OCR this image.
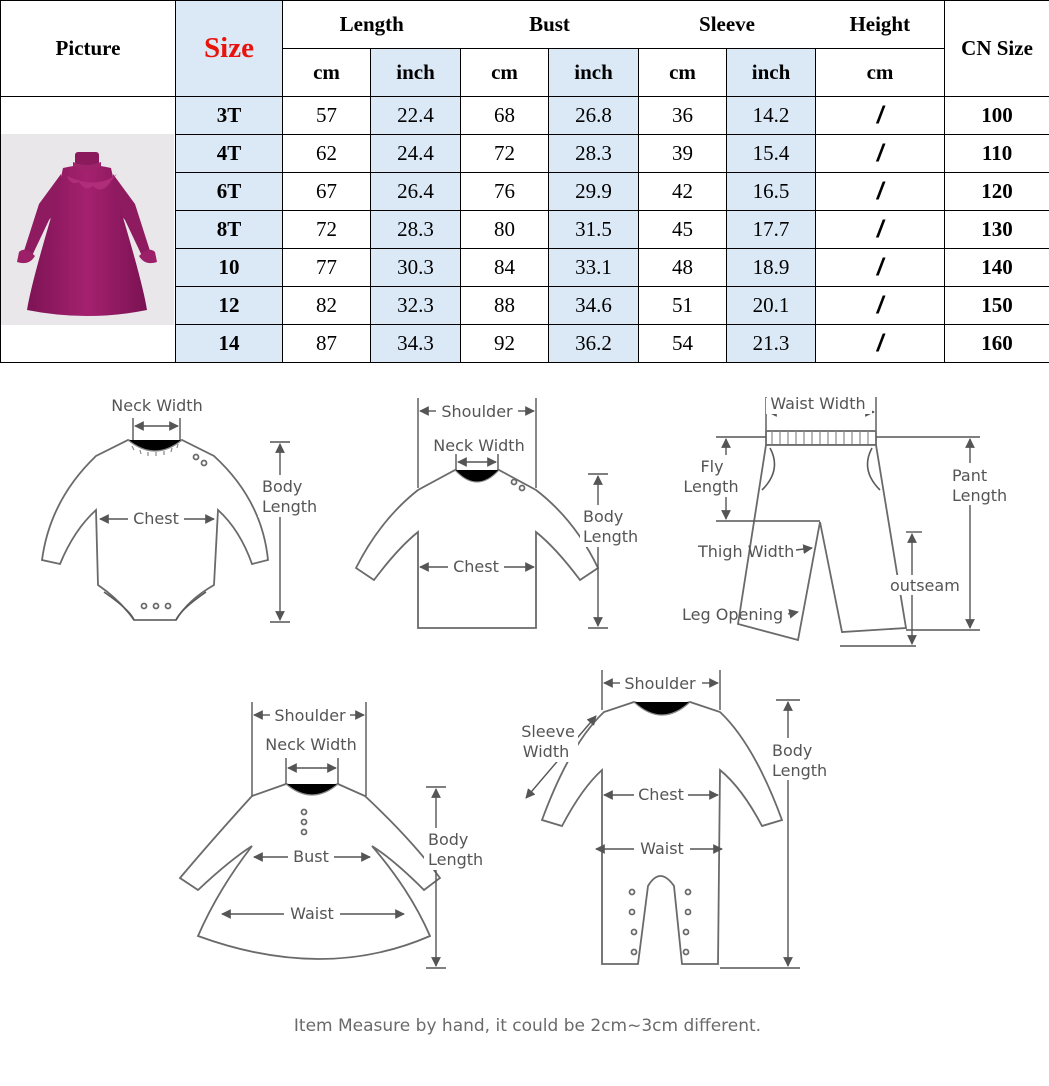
Picture	Size	Length		Bust		Sleeve		Height	CN Size
		cm	inch	cm	inch	cm	inch	cm	
	3T	57	22.4	68	26.8	36	14.2	/	100
	4T	62	24.4	72	28.3	39	15.4	/	110
	6T	67	26.4	76	29.9	42	16.5	/	120
	8T	72	28.3	80	31.5	45	17.7	/	130
	10	77	30.3	84	33.1	48	18.9	/	140
	12	82	32.3	88	34.6	51	20.1	/	150
	14	87	34.3	92	36.2	54	21.3	/	160
Neck Width
Chest
Body
Length
Shoulder
Neck Width
Chest
Body
Length
Waist Width
Fly
Length
Pant
Length
Thigh Width
outseam
Leg Opening
Shoulder
Neck Width
Bust
Waist
Body
Length
Shoulder
Sleeve
Width
Chest
Waist
Body
Length
Item Measure by hand, it could be 2cm~3cm different.
